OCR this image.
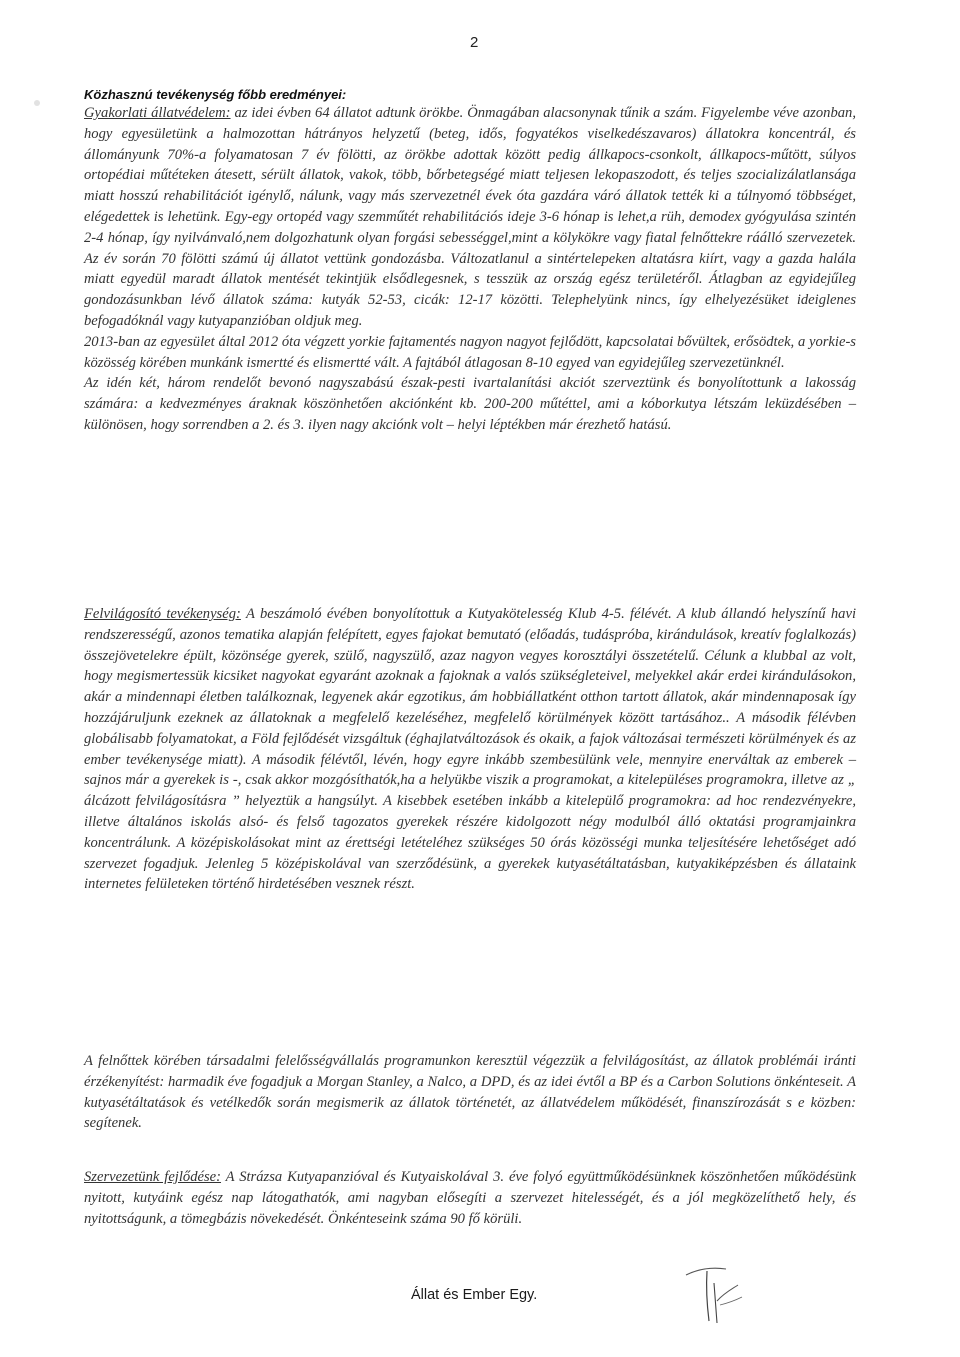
2
Közhasznú tevékenység főbb eredményei:

Gyakorlati állatvédelem: az idei évben 64 állatot adtunk örökbe. Önmagában alacsonynak tűnik a szám. Figyelembe véve azonban, hogy egyesületünk a halmozottan hátrányos helyzetű (beteg, idős, fogyatékos viselkedészavaros) állatokra koncentrál, és állományunk 70%-a folyamatosan 7 év fölötti, az örökbe adottak között pedig állkapocs-csonkolt, állkapocs-műtött, súlyos ortopédiai műtéteken átesett, sérült állatok, vakok, több, bőrbetegségé miatt teljesen lekopaszodott, és teljes szocializálatlansága miatt hosszú rehabilitációt igénylő, nálunk, vagy más szervezetnél évek óta gazdára váró állatok tették ki a túlnyomó többséget, elégedettek is lehetünk. Egy-egy ortopéd vagy szemműtét rehabilitációs ideje 3-6 hónap is lehet,a rüh, demodex gyógyulása szintén 2-4 hónap, így nyilvánvaló,nem dolgozhatunk olyan forgási sebességgel,mint a kölykökre vagy fiatal felnőttekre ráálló szervezetek. Az év során 70 fölötti számú új állatot vettünk gondozásba. Változatlanul a sintértelepeken altatásra kiírt, vagy a gazda halála miatt egyedül maradt állatok mentését tekintjük elsődlegesnek, s tesszük az ország egész területéről. Átlagban az egyidejűleg gondozásunkban lévő állatok száma: kutyák 52-53, cicák: 12-17 közötti. Telephelyünk nincs, így elhelyezésüket ideiglenes befogadóknál vagy kutyapanzióban oldjuk meg.
2013-ban az egyesület által 2012 óta végzett yorkie fajtamentés nagyon nagyot fejlődött, kapcsolatai bővültek, erősödtek, a yorkie-s közösség körében munkánk ismertté és elismertté vált. A fajtából átlagosan 8-10 egyed van egyidejűleg szervezetünknél.
Az idén két, három rendelőt bevonó nagyszabású észak-pesti ivartalanítási akciót szerveztünk és bonyolítottunk a lakosság számára: a kedvezményes áraknak köszönhetően akciónként kb. 200-200 műtéttel, ami a kóborkutya létszám leküzdésében – különösen, hogy sorrendben a 2. és 3. ilyen nagy akciónk volt – helyi léptékben már érezhető hatású.

Felvilágosító tevékenység: A beszámoló évében bonyolítottuk a Kutyakötelesség Klub 4-5. félévét. A klub állandó helyszínű havi rendszerességű, azonos tematika alapján felépített, egyes fajokat bemutató (előadás, tudáspróba, kirándulások, kreatív foglalkozás) összejövetelekre épült, közönsége gyerek, szülő, nagyszülő, azaz nagyon vegyes korosztályi összetételű. Célunk a klubbal az volt, hogy megismertessük kicsiket nagyokat egyaránt azoknak a fajoknak a valós szükségleteivel, melyekkel akár erdei kirándulásokon, akár a mindennapi életben találkoznak, legyenek akár egzotikus, ám hobbiállatként otthon tartott állatok, akár mindennaposak így hozzájáruljunk ezeknek az állatoknak a megfelelő kezeléséhez, megfelelő körülmények között tartásához.. A második félévben globálisabb folyamatokat, a Föld fejlődését vizsgáltuk (éghajlatváltozások és okaik, a fajok változásai természeti körülmények és az ember tevékenysége miatt). A második félévtől, lévén, hogy egyre inkább szembesülünk vele, mennyire enerváltak az emberek – sajnos már a gyerekek is -, csak akkor mozgósíthatók,ha a helyükbe viszik a programokat, a kitelepüléses programokra, illetve az „ álcázott felvilágosításra ” helyeztük a hangsúlyt. A kisebbek esetében inkább a kitelepülő programokra: ad hoc rendezvényekre, illetve általános iskolás alsó- és felső tagozatos gyerekek részére kidolgozott négy modulból álló oktatási programjainkra koncentrálunk. A középiskolásokat mint az érettségi letételéhez szükséges 50 órás közösségi munka teljesítésére lehetőséget adó szervezet fogadjuk. Jelenleg 5 középiskolával van szerződésünk, a gyerekek kutyasétáltatásban, kutyakiképzésben és állataink internetes felületeken történő hirdetésében vesznek részt.

A felnőttek körében társadalmi felelősségvállalás programunkon keresztül végezzük a felvilágosítást, az állatok problémái iránti érzékenyítést: harmadik éve fogadjuk a Morgan Stanley, a Nalco, a DPD, és az idei évtől a BP és a Carbon Solutions önkénteseit. A kutyasétáltatások és vetélkedők során megismerik az állatok történetét, az állatvédelem működését, finanszírozását s e közben: segítenek.

Szervezetünk fejlődése: A Strázsa Kutyapanzióval és Kutyaiskolával 3. éve folyó együttműködésünknek köszönhetően működésünk nyitott, kutyáink egész nap látogathatók, ami nagyban elősegíti a szervezet hitelességét, és a jól megközelíthető hely, és nyitottságunk, a tömegbázis növekedését. Önkénteseink száma 90 fő körüli.

Állat és Ember Egy.
